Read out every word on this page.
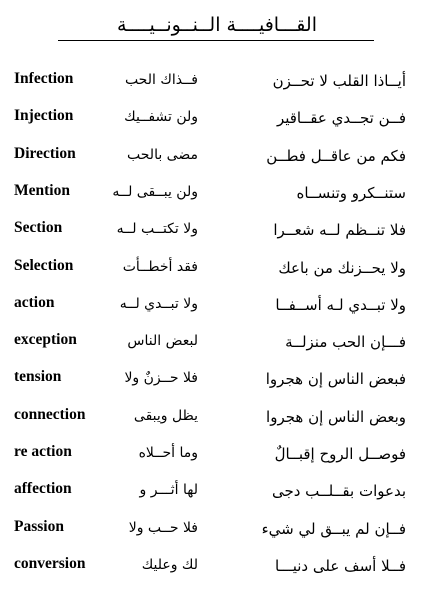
القـــافيــــة الــنــونــيــــة
أيــاذا القلب لا تحــزن
فــذاك الحب
Infection
فــن تجــدي عقــاقير
ولن تشفــيك
Injection
فكم من عاقــل فطــن
مضى بالحب
Direction
ستنــكرو وتنســاه
ولن يبــقى لــه
Mention
فلا تنــظم لــه شعــرا
ولا تكتــب لــه
Section
ولا يحــزنك من باعك
فقد أخطــأت
Selection
ولا تبــدي لـه أســفــا
ولا تبــدي لــه
action
فـــإن الحب منزلــة
لبعض الناس
exception
فبعض الناس إن هجروا
فلا حــزنٌ ولا
tension
وبعض الناس إن هجروا
يظل ويبقى
connection
فوصــل الروح إقبــالٌ
وما أحــلاه
re action
بدعوات بقــلــب دجى
لها أثـــر و
affection
فــإن لم يبــق لي شيء
فلا حــب ولا
Passion
فــلا أسف على دنيـــا
لك وعليك
conversion
